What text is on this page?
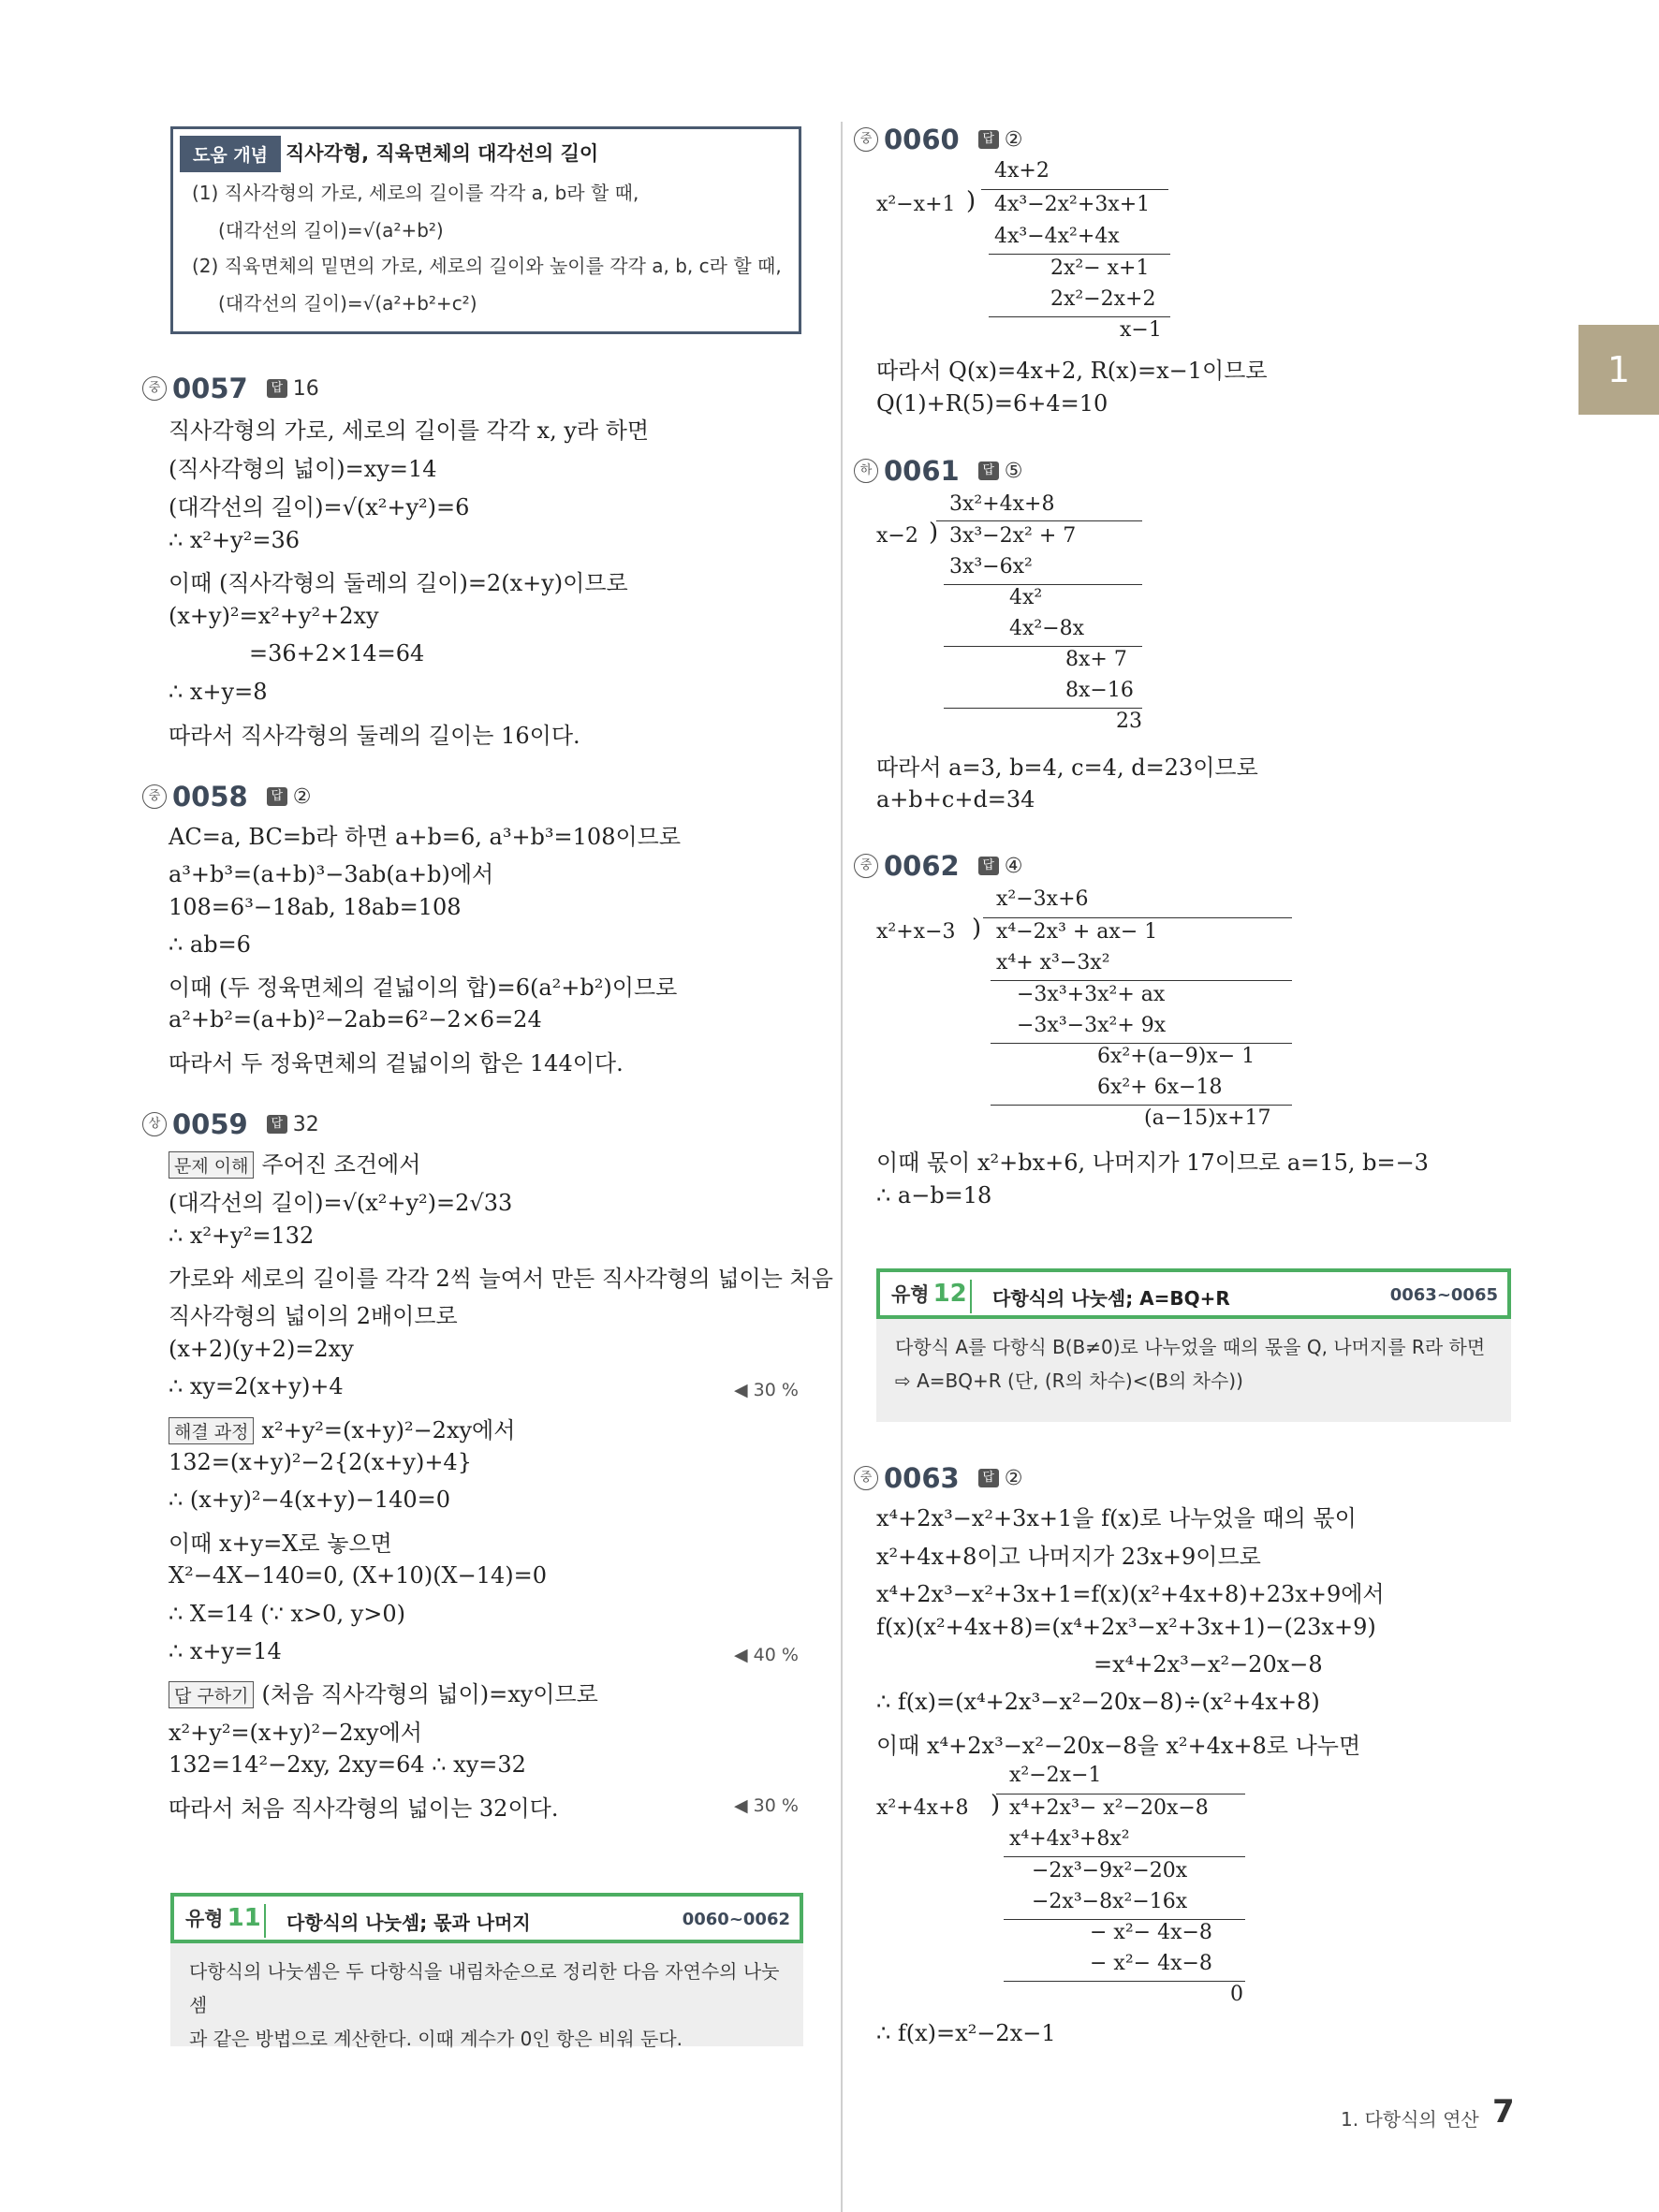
도움 개념 직사각형, 직육면체의 대각선의 길이
(1) 직사각형의 가로, 세로의 길이를 각각 a, b라 할 때,
(대각선의 길이)=√(a²+b²)
(2) 직육면체의 밑면의 가로, 세로의 길이와 높이를 각각 a, b, c라 할 때,
(대각선의 길이)=√(a²+b²+c²)
중 0057	답 16
직사각형의 가로, 세로의 길이를 각각 x, y라 하면
(직사각형의 넓이)=xy=14
(대각선의 길이)=√(x²+y²)=6
∴ x²+y²=36
이때 (직사각형의 둘레의 길이)=2(x+y)이므로
(x+y)²=x²+y²+2xy
=36+2×14=64
∴ x+y=8
따라서 직사각형의 둘레의 길이는 16이다.
중 0058	답 ②
AC=a, BC=b라 하면 a+b=6, a³+b³=108이므로
a³+b³=(a+b)³−3ab(a+b)에서
108=6³−18ab, 18ab=108
∴ ab=6
이때 (두 정육면체의 겉넓이의 합)=6(a²+b²)이므로
a²+b²=(a+b)²−2ab=6²−2×6=24
따라서 두 정육면체의 겉넓이의 합은 144이다.
상 0059	답 32
문제 이해 주어진 조건에서
(대각선의 길이)=√(x²+y²)=2√33
∴ x²+y²=132
가로와 세로의 길이를 각각 2씩 늘여서 만든 직사각형의 넓이는 처음
직사각형의 넓이의 2배이므로
(x+2)(y+2)=2xy
∴ xy=2(x+y)+4	◀ 30 %
해결 과정 x²+y²=(x+y)²−2xy에서
132=(x+y)²−2{2(x+y)+4}
∴ (x+y)²−4(x+y)−140=0
이때 x+y=X로 놓으면
X²−4X−140=0, (X+10)(X−14)=0
∴ X=14 (∵ x>0, y>0)
∴ x+y=14	◀ 40 %
답 구하기 (처음 직사각형의 넓이)=xy이므로
x²+y²=(x+y)²−2xy에서
132=14²−2xy, 2xy=64 ∴ xy=32
따라서 처음 직사각형의 넓이는 32이다.	◀ 30 %
유형 11	다항식의 나눗셈; 몫과 나머지	0060~0062
다항식의 나눗셈은 두 다항식을 내림차순으로 정리한 다음 자연수의 나눗셈
과 같은 방법으로 계산한다. 이때 계수가 0인 항은 비워 둔다.
중 0060	답 ②
4x+2
x²−x+1 ) 4x³−2x²+3x+1
4x³−4x²+4x
2x²− x+1
2x²−2x+2
x−1
따라서 Q(x)=4x+2, R(x)=x−1이므로
Q(1)+R(5)=6+4=10
하 0061	답 ⑤
3x²+4x+8
x−2 ) 3x³−2x² + 7
3x³−6x²
4x²
4x²−8x
8x+ 7
8x−16
23
따라서 a=3, b=4, c=4, d=23이므로
a+b+c+d=34
중 0062	답 ④
x²−3x+6
x²+x−3 ) x⁴−2x³ + ax− 1
x⁴+ x³−3x²
−3x³+3x²+ ax
−3x³−3x²+ 9x
6x²+(a−9)x− 1
6x²+ 6x−18
(a−15)x+17
이때 몫이 x²+bx+6, 나머지가 17이므로 a=15, b=−3
∴ a−b=18
유형 12	다항식의 나눗셈; A=BQ+R	0063~0065
다항식 A를 다항식 B(B≠0)로 나누었을 때의 몫을 Q, 나머지를 R라 하면
⇨ A=BQ+R (단, (R의 차수)<(B의 차수))
중 0063	답 ②
x⁴+2x³−x²+3x+1을 f(x)로 나누었을 때의 몫이
x²+4x+8이고 나머지가 23x+9이므로
x⁴+2x³−x²+3x+1=f(x)(x²+4x+8)+23x+9에서
f(x)(x²+4x+8)=(x⁴+2x³−x²+3x+1)−(23x+9)
=x⁴+2x³−x²−20x−8
∴ f(x)=(x⁴+2x³−x²−20x−8)÷(x²+4x+8)
이때 x⁴+2x³−x²−20x−8을 x²+4x+8로 나누면
x²−2x−1
x²+4x+8 ) x⁴+2x³− x²−20x−8
x⁴+4x³+8x²
−2x³−9x²−20x
−2x³−8x²−16x
− x²− 4x−8
− x²− 4x−8
0
∴ f(x)=x²−2x−1
1
1. 다항식의 연산 7
